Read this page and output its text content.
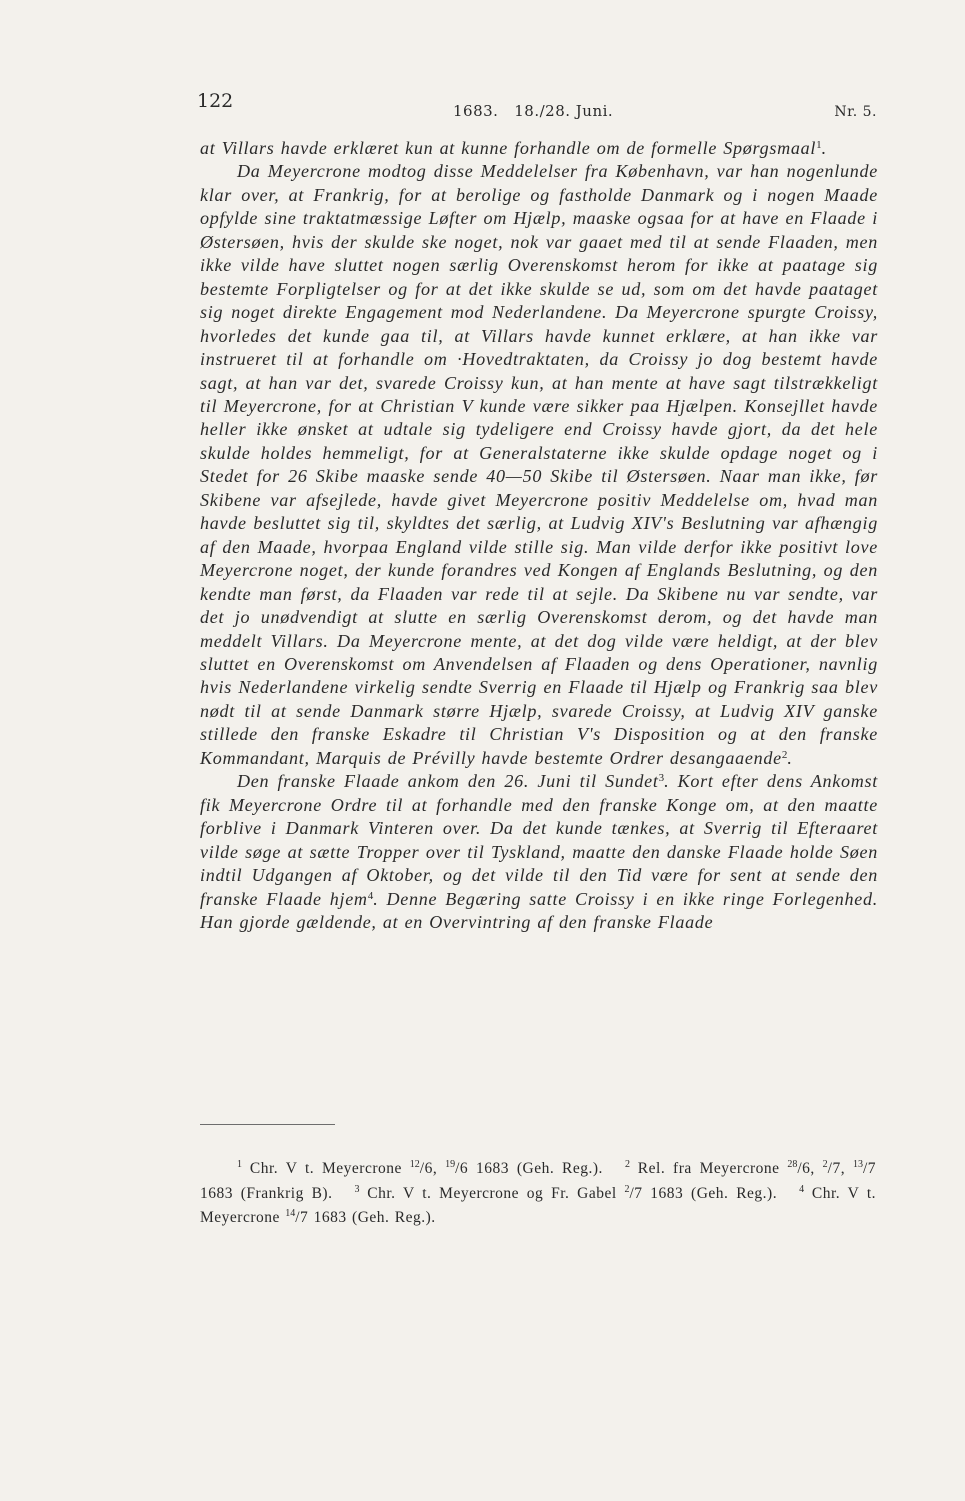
122	1683.   18./28. Juni.	Nr. 5.

at Villars havde erklæret kun at kunne forhandle om de formelle Spørgsmaal$^1$.

Da Meyercrone modtog disse Meddelelser fra København, var han nogenlunde klar over, at Frankrig, for at berolige og fastholde Danmark og i nogen Maade opfylde sine traktatmæssige Løfter om Hjælp, maaske ogsaa for at have en Flaade i Østersøen, hvis der skulde ske noget, nok var gaaet med til at sende Flaaden, men ikke vilde have sluttet nogen særlig Overenskomst herom for ikke at paatage sig bestemte Forpligtelser og for at det ikke skulde se ud, som om det havde paataget sig noget direkte Engagement mod Nederlandene. Da Meyercrone spurgte Croissy, hvorledes det kunde gaa til, at Villars havde kunnet erklære, at han ikke var instrueret til at forhandle om ·Hovedtraktaten, da Croissy jo dog bestemt havde sagt, at han var det, svarede Croissy kun, at han mente at have sagt tilstrækkeligt til Meyercrone, for at Christian V kunde være sikker paa Hjælpen. Konsejllet havde heller ikke ønsket at udtale sig tydeligere end Croissy havde gjort, da det hele skulde holdes hemmeligt, for at Generalstaterne ikke skulde opdage noget og i Stedet for 26 Skibe maaske sende 40—50 Skibe til Østersøen. Naar man ikke, før Skibene var afsejlede, havde givet Meyercrone positiv Meddelelse om, hvad man havde besluttet sig til, skyldtes det særlig, at Ludvig XIV's Beslutning var afhængig af den Maade, hvorpaa England vilde stille sig. Man vilde derfor ikke positivt love Meyercrone noget, der kunde forandres ved Kongen af Englands Beslutning, og den kendte man først, da Flaaden var rede til at sejle. Da Skibene nu var sendte, var det jo unødvendigt at slutte en særlig Overenskomst derom, og det havde man meddelt Villars. Da Meyercrone mente, at det dog vilde være heldigt, at der blev sluttet en Overenskomst om Anvendelsen af Flaaden og dens Operationer, navnlig hvis Nederlandene virkelig sendte Sverrig en Flaade til Hjælp og Frankrig saa blev nødt til at sende Danmark større Hjælp, svarede Croissy, at Ludvig XIV ganske stillede den franske Eskadre til Christian V's Disposition og at den franske Kommandant, Marquis de Prévilly havde bestemte Ordrer desangaaende$^2$.

Den franske Flaade ankom den 26. Juni til Sundet$^3$. Kort efter dens Ankomst fik Meyercrone Ordre til at forhandle med den franske Konge om, at den maatte forblive i Danmark Vinteren over. Da det kunde tænkes, at Sverrig til Efteraaret vilde søge at sætte Tropper over til Tyskland, maatte den danske Flaade holde Søen indtil Udgangen af Oktober, og det vilde til den Tid være for sent at sende den franske Flaade hjem$^4$. Denne Begæring satte Croissy i en ikke ringe Forlegenhed. Han gjorde gældende, at en Overvintring af den franske Flaade

$^1$ Chr. V t. Meyercrone $^{12}$/6, $^{19}$/6 1683 (Geh. Reg.). $^2$ Rel. fra Meyercrone $^{28}$/6, $^2$/7, $^{13}$/7 1683 (Frankrig B). $^3$ Chr. V t. Meyercrone og Fr. Gabel $^2$/7 1683 (Geh. Reg.). $^4$ Chr. V t. Meyercrone $^{14}$/7 1683 (Geh. Reg.).
